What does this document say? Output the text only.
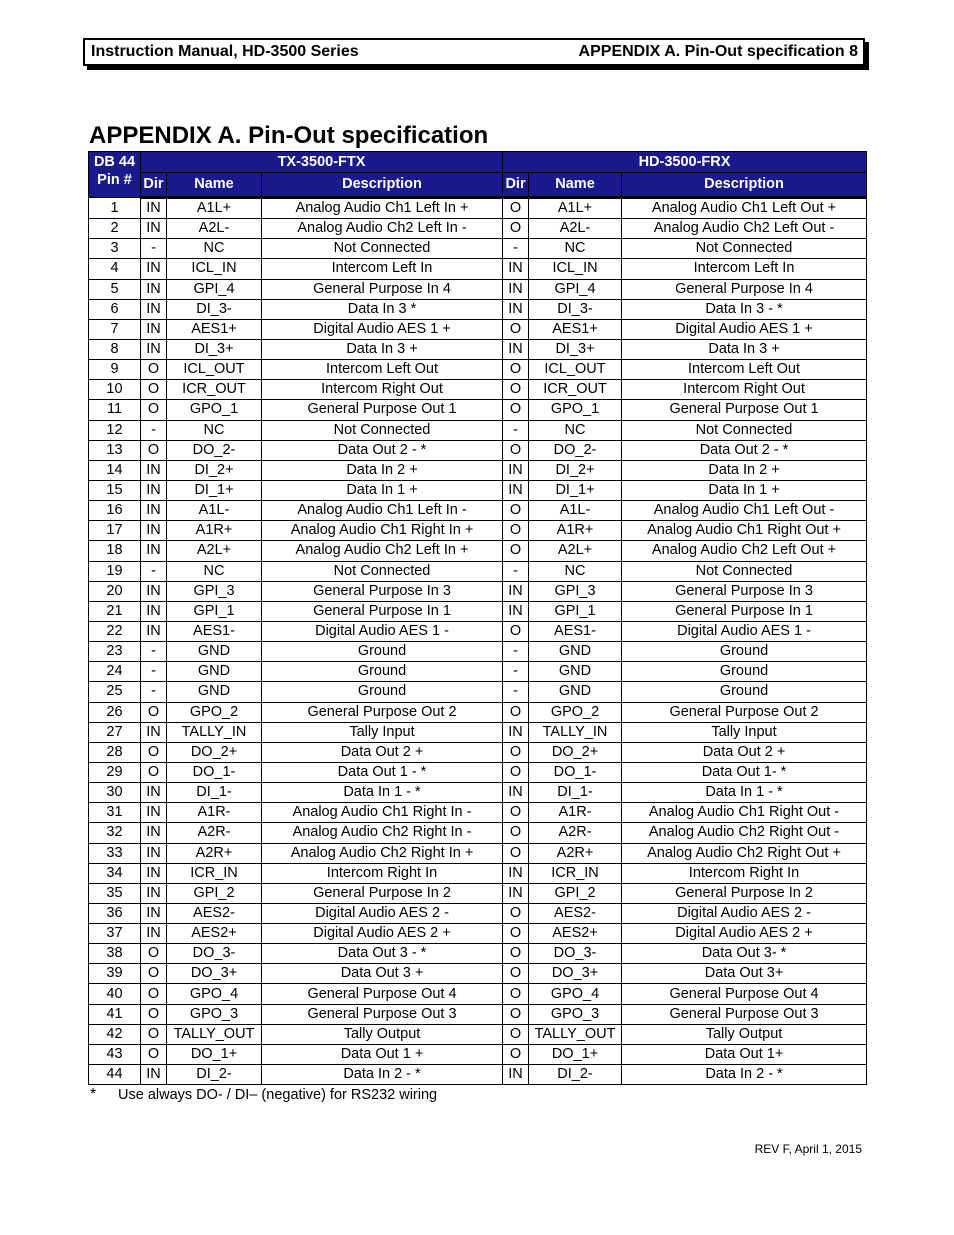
Instruction Manual, HD-3500 Series	APPENDIX A. Pin-Out specification 8
APPENDIX A. Pin-Out specification
DB 44
Pin #	TX-3500-FTX			HD-3500-FRX		
	Dir	Name	Description	Dir	Name	Description
1	IN	A1L+	Analog Audio Ch1 Left In +	O	A1L+	Analog Audio Ch1 Left Out +
2	IN	A2L-	Analog Audio Ch2 Left In -	O	A2L-	Analog Audio Ch2 Left Out -
3	-	NC	Not Connected	-	NC	Not Connected
4	IN	ICL_IN	Intercom Left In	IN	ICL_IN	Intercom Left In
5	IN	GPI_4	General Purpose In 4	IN	GPI_4	General Purpose In 4
6	IN	DI_3-	Data In 3 *	IN	DI_3-	Data In 3 - *
7	IN	AES1+	Digital Audio AES 1 +	O	AES1+	Digital Audio AES 1 +
8	IN	DI_3+	Data In 3 +	IN	DI_3+	Data In 3 +
9	O	ICL_OUT	Intercom Left Out	O	ICL_OUT	Intercom Left Out
10	O	ICR_OUT	Intercom Right Out	O	ICR_OUT	Intercom Right Out
11	O	GPO_1	General Purpose Out 1	O	GPO_1	General Purpose Out 1
12	-	NC	Not Connected	-	NC	Not Connected
13	O	DO_2-	Data Out 2 - *	O	DO_2-	Data Out 2 - *
14	IN	DI_2+	Data In 2 +	IN	DI_2+	Data In 2 +
15	IN	DI_1+	Data In 1 +	IN	DI_1+	Data In 1 +
16	IN	A1L-	Analog Audio Ch1 Left In -	O	A1L-	Analog Audio Ch1 Left Out -
17	IN	A1R+	Analog Audio Ch1 Right In +	O	A1R+	Analog Audio Ch1 Right Out +
18	IN	A2L+	Analog Audio Ch2 Left In +	O	A2L+	Analog Audio Ch2 Left Out +
19	-	NC	Not Connected	-	NC	Not Connected
20	IN	GPI_3	General Purpose In 3	IN	GPI_3	General Purpose In 3
21	IN	GPI_1	General Purpose In 1	IN	GPI_1	General Purpose In 1
22	IN	AES1-	Digital Audio AES 1 -	O	AES1-	Digital Audio AES 1 -
23	-	GND	Ground	-	GND	Ground
24	-	GND	Ground	-	GND	Ground
25	-	GND	Ground	-	GND	Ground
26	O	GPO_2	General Purpose Out 2	O	GPO_2	General Purpose Out 2
27	IN	TALLY_IN	Tally Input	IN	TALLY_IN	Tally Input
28	O	DO_2+	Data Out 2 +	O	DO_2+	Data Out 2 +
29	O	DO_1-	Data Out 1 - *	O	DO_1-	Data Out 1- *
30	IN	DI_1-	Data In 1 - *	IN	DI_1-	Data In 1 - *
31	IN	A1R-	Analog Audio Ch1 Right In -	O	A1R-	Analog Audio Ch1 Right Out -
32	IN	A2R-	Analog Audio Ch2 Right In -	O	A2R-	Analog Audio Ch2 Right Out -
33	IN	A2R+	Analog Audio Ch2 Right In +	O	A2R+	Analog Audio Ch2 Right Out +
34	IN	ICR_IN	Intercom Right In	IN	ICR_IN	Intercom Right In
35	IN	GPI_2	General Purpose In 2	IN	GPI_2	General Purpose In 2
36	IN	AES2-	Digital Audio AES 2 -	O	AES2-	Digital Audio AES 2 -
37	IN	AES2+	Digital Audio AES 2 +	O	AES2+	Digital Audio AES 2 +
38	O	DO_3-	Data Out 3 - *	O	DO_3-	Data Out 3- *
39	O	DO_3+	Data Out 3 +	O	DO_3+	Data Out 3+
40	O	GPO_4	General Purpose Out 4	O	GPO_4	General Purpose Out 4
41	O	GPO_3	General Purpose Out 3	O	GPO_3	General Purpose Out 3
42	O	TALLY_OUT	Tally Output	O	TALLY_OUT	Tally Output
43	O	DO_1+	Data Out 1 +	O	DO_1+	Data Out 1+
44	IN	DI_2-	Data In 2 - *	IN	DI_2-	Data In 2 - *
* Use always DO- / DI– (negative) for RS232 wiring
REV F, April 1, 2015
